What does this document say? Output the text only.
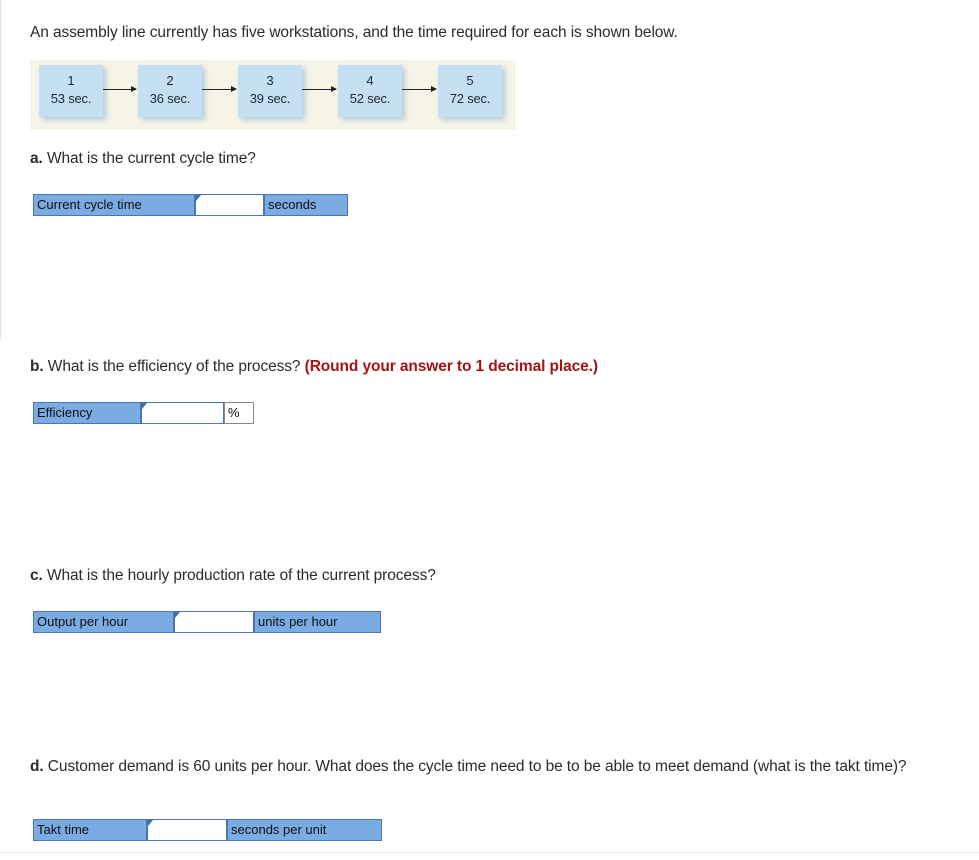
An assembly line currently has five workstations, and the time required for each is shown below.
1
53 sec.
2
36 sec.
3
39 sec.
4
52 sec.
5
72 sec.
a. What is the current cycle time?
Current cycle time	seconds
b. What is the efficiency of the process? (Round your answer to 1 decimal place.)
Efficiency	%
c. What is the hourly production rate of the current process?
Output per hour	units per hour
d. Customer demand is 60 units per hour. What does the cycle time need to be to be able to meet demand (what is the takt time)?
Takt time	seconds per unit
